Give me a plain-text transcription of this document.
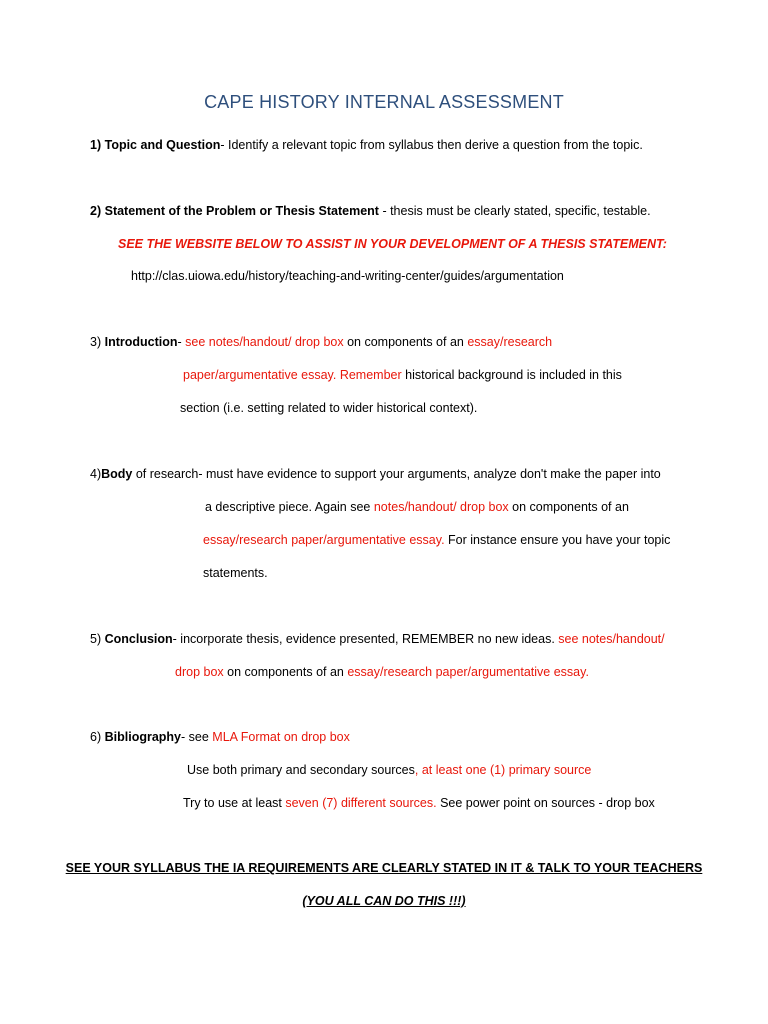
CAPE HISTORY INTERNAL ASSESSMENT
1) Topic and Question- Identify a relevant topic from syllabus then derive a question from the topic.
2) Statement of the Problem or Thesis Statement - thesis must be clearly stated, specific, testable.
SEE THE WEBSITE BELOW TO ASSIST IN YOUR DEVELOPMENT OF A THESIS STATEMENT:
http://clas.uiowa.edu/history/teaching-and-writing-center/guides/argumentation
3) Introduction- see notes/handout/ drop box on components of an essay/research
paper/argumentative essay. Remember historical background is included in this
section (i.e. setting related to wider historical context).
4)Body of research- must have evidence to support your arguments, analyze don't make the paper into
a descriptive piece. Again see notes/handout/ drop box on components of an
essay/research paper/argumentative essay. For instance ensure you have your topic
statements.
5) Conclusion- incorporate thesis, evidence presented, REMEMBER no new ideas. see notes/handout/
drop box on components of an essay/research paper/argumentative essay.
6) Bibliography- see MLA Format on drop box
Use both primary and secondary sources, at least one (1) primary source
Try to use at least seven (7) different sources. See power point on sources - drop box
SEE YOUR SYLLABUS THE IA REQUIREMENTS ARE CLEARLY STATED IN IT & TALK TO YOUR TEACHERS
(YOU ALL CAN DO THIS !!!)
